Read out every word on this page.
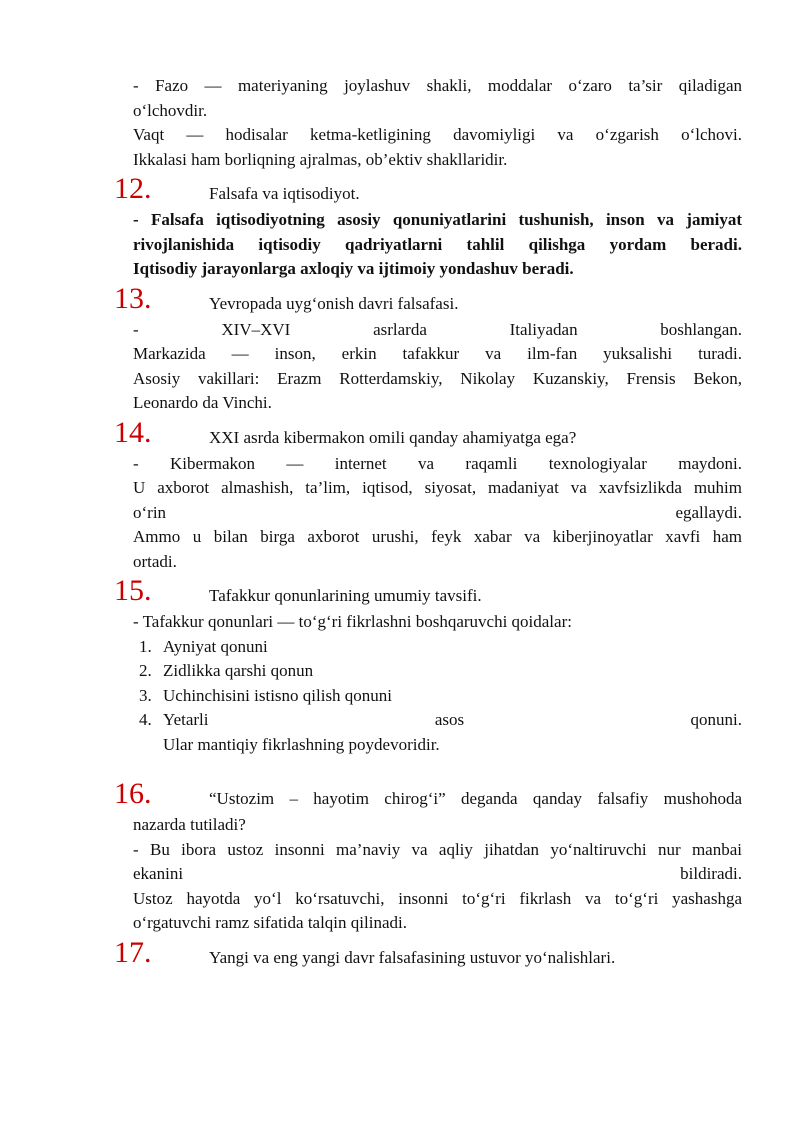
- Fazo — materiyaning joylashuv shakli, moddalar o‘zaro ta’sir qiladigan

o‘lchovdir.

Vaqt — hodisalar ketma-ketligining davomiyligi va o‘zgarish o‘lchovi.

Ikkalasi ham borliqning ajralmas, ob’ektiv shakllaridir.

12.	Falsafa va iqtisodiyot.

- Falsafa iqtisodiyotning asosiy qonuniyatlarini tushunish, inson va jamiyat

rivojlanishida iqtisodiy qadriyatlarni tahlil qilishga yordam beradi.

Iqtisodiy jarayonlarga axloqiy va ijtimoiy yondashuv beradi.

13.	Yevropada uyg‘onish davri falsafasi.

- XIV–XVI asrlarda Italiyadan boshlangan.

Markazida — inson, erkin tafakkur va ilm-fan yuksalishi turadi.

Asosiy vakillari: Erazm Rotterdamskiy, Nikolay Kuzanskiy, Frensis Bekon,

Leonardo da Vinchi.

14.	XXI asrda kibermakon omili qanday ahamiyatga ega?

- Kibermakon — internet va raqamli texnologiyalar maydoni.

U axborot almashish, ta’lim, iqtisod, siyosat, madaniyat va xavfsizlikda muhim

o‘rin	egallaydi.

Ammo u bilan birga axborot urushi, feyk xabar va kiberjinoyatlar xavfi ham

ortadi.

15.	Tafakkur qonunlarining umumiy tavsifi.

- Tafakkur qonunlari — to‘g‘ri fikrlashni boshqaruvchi qoidalar:

1. Ayniyat qonuni
2. Zidlikka qarshi qonun
3. Uchinchisini istisno qilish qonuni
4. Yetarli	asos	qonuni.

Ular mantiqiy fikrlashning poydevoridir.

16.	“Ustozim – hayotim chirog‘i” deganda qanday falsafiy mushohoda

nazarda tutiladi?

- Bu ibora ustoz insonni ma’naviy va aqliy jihatdan yo‘naltiruvchi nur manbai

ekanini	bildiradi.

Ustoz hayotda yo‘l ko‘rsatuvchi, insonni to‘g‘ri fikrlash va to‘g‘ri yashashga

o‘rgatuvchi ramz sifatida talqin qilinadi.

17.	Yangi va eng yangi davr falsafasining ustuvor yo‘nalishlari.
